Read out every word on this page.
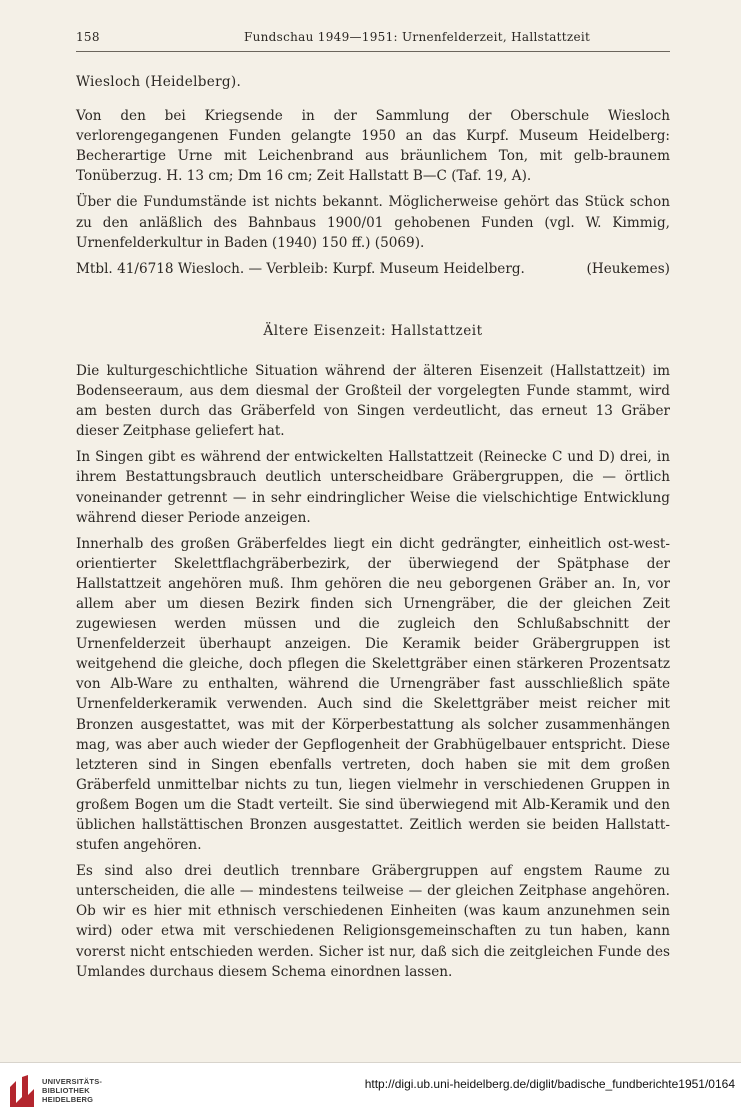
158	Fundschau 1949—1951: Urnenfelderzeit, Hallstattzeit

Wiesloch (Heidelberg).

Von den bei Kriegsende in der Sammlung der Oberschule Wiesloch verlorengegangenen Funden gelangte 1950 an das Kurpf. Museum Heidelberg: Becherartige Urne mit Leichenbrand aus bräunlichem Ton, mit gelb-braunem Tonüberzug. H. 13 cm; Dm 16 cm; Zeit Hallstatt B—C (Taf. 19, A).

Über die Fundumstände ist nichts bekannt. Möglicherweise gehört das Stück schon zu den anläßlich des Bahnbaus 1900/01 gehobenen Funden (vgl. W. Kimmig, Urnenfelderkultur in Baden (1940) 150 ff.) (5069).

Mtbl. 41/6718 Wiesloch. — Verbleib: Kurpf. Museum Heidelberg.	(Heukemes)

Ältere Eisenzeit: Hallstattzeit

Die kulturgeschichtliche Situation während der älteren Eisenzeit (Hallstattzeit) im Bodenseeraum, aus dem diesmal der Großteil der vorgelegten Funde stammt, wird am besten durch das Gräberfeld von Singen verdeutlicht, das erneut 13 Gräber dieser Zeitphase geliefert hat.

In Singen gibt es während der entwickelten Hallstattzeit (Reinecke C und D) drei, in ihrem Bestattungsbrauch deutlich unterscheidbare Gräbergruppen, die — örtlich voneinander getrennt — in sehr eindringlicher Weise die vielschichtige Entwicklung während dieser Periode anzeigen.

Innerhalb des großen Gräberfeldes liegt ein dicht gedrängter, einheitlich ost-west-orientierter Skelettflachgräberbezirk, der überwiegend der Spätphase der Hallstattzeit angehören muß. Ihm gehören die neu geborgenen Gräber an. In, vor allem aber um diesen Bezirk finden sich Urnengräber, die der gleichen Zeit zugewiesen werden müssen und die zugleich den Schlußabschnitt der Urnenfelderzeit überhaupt anzeigen. Die Keramik beider Gräbergruppen ist weitgehend die gleiche, doch pflegen die Skelettgräber einen stärkeren Prozentsatz von Alb-Ware zu enthalten, während die Urnengräber fast ausschließlich späte Urnenfelderkeramik verwenden. Auch sind die Skelettgräber meist reicher mit Bronzen ausgestattet, was mit der Körperbestattung als solcher zusammenhängen mag, was aber auch wieder der Gepflogenheit der Grabhügelbauer entspricht. Diese letzteren sind in Singen ebenfalls vertreten, doch haben sie mit dem großen Gräberfeld unmittelbar nichts zu tun, liegen vielmehr in verschiedenen Gruppen in großem Bogen um die Stadt verteilt. Sie sind überwiegend mit Alb-Keramik und den üblichen hallstättischen Bronzen ausgestattet. Zeitlich werden sie beiden Hallstattstufen angehören.

Es sind also drei deutlich trennbare Gräbergruppen auf engstem Raume zu unterscheiden, die alle — mindestens teilweise — der gleichen Zeitphase angehören. Ob wir es hier mit ethnisch verschiedenen Einheiten (was kaum anzunehmen sein wird) oder etwa mit verschiedenen Religionsgemeinschaften zu tun haben, kann vorerst nicht entschieden werden. Sicher ist nur, daß sich die zeitgleichen Funde des Umlandes durchaus diesem Schema einordnen lassen.

UNIVERSITÄTS-
BIBLIOTHEK
HEIDELBERG
http://digi.ub.uni-heidelberg.de/diglit/badische_fundberichte1951/0164
